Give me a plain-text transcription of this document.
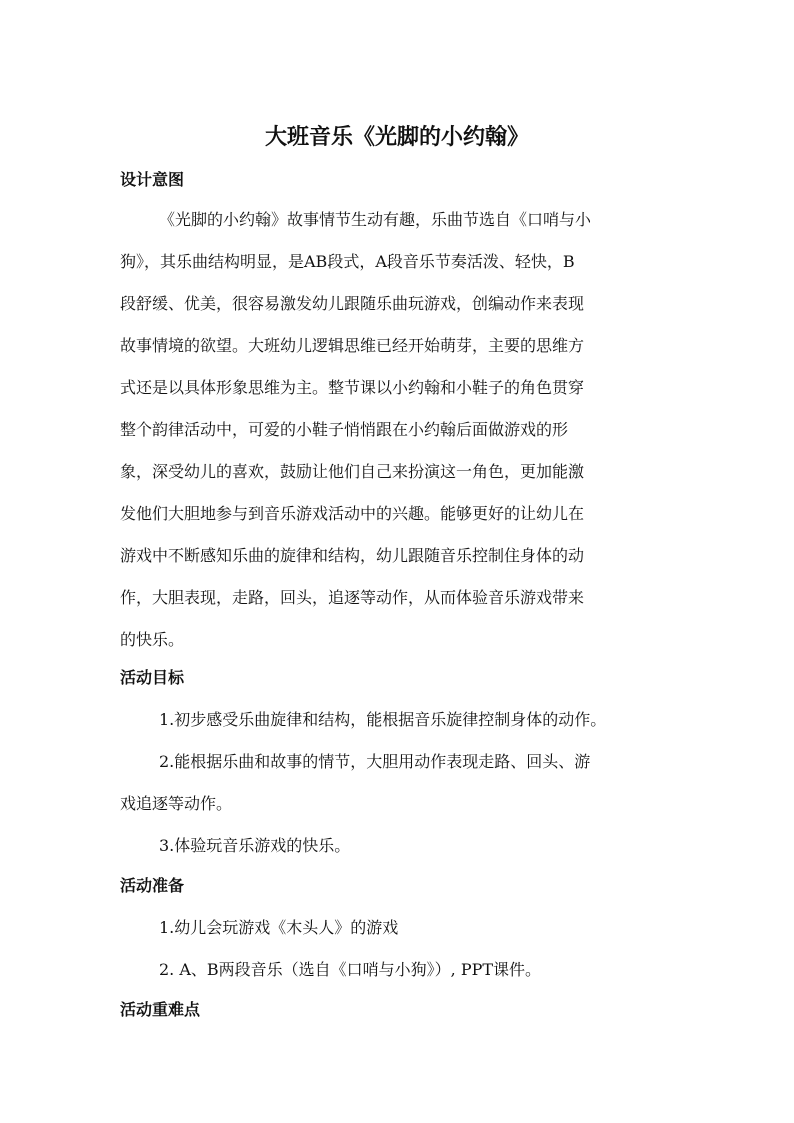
大班音乐《光脚的小约翰》
设计意图
《光脚的小约翰》故事情节生动有趣，乐曲节选自《口哨与小
狗》，其乐曲结构明显，是AB段式，A段音乐节奏活泼、轻快，B
段舒缓、优美，很容易激发幼儿跟随乐曲玩游戏，创编动作来表现
故事情境的欲望。大班幼儿逻辑思维已经开始萌芽，主要的思维方
式还是以具体形象思维为主。整节课以小约翰和小鞋子的角色贯穿
整个韵律活动中，可爱的小鞋子悄悄跟在小约翰后面做游戏的形
象，深受幼儿的喜欢，鼓励让他们自己来扮演这一角色，更加能激
发他们大胆地参与到音乐游戏活动中的兴趣。能够更好的让幼儿在
游戏中不断感知乐曲的旋律和结构，幼儿跟随音乐控制住身体的动
作，大胆表现，走路，回头，追逐等动作，从而体验音乐游戏带来
的快乐。
活动目标
1.初步感受乐曲旋律和结构，能根据音乐旋律控制身体的动作。
2.能根据乐曲和故事的情节，大胆用动作表现走路、回头、游
戏追逐等动作。
3.体验玩音乐游戏的快乐。
活动准备
1.幼儿会玩游戏《木头人》的游戏
2. A、B两段音乐（选自《口哨与小狗》）, PPT课件。
活动重难点
